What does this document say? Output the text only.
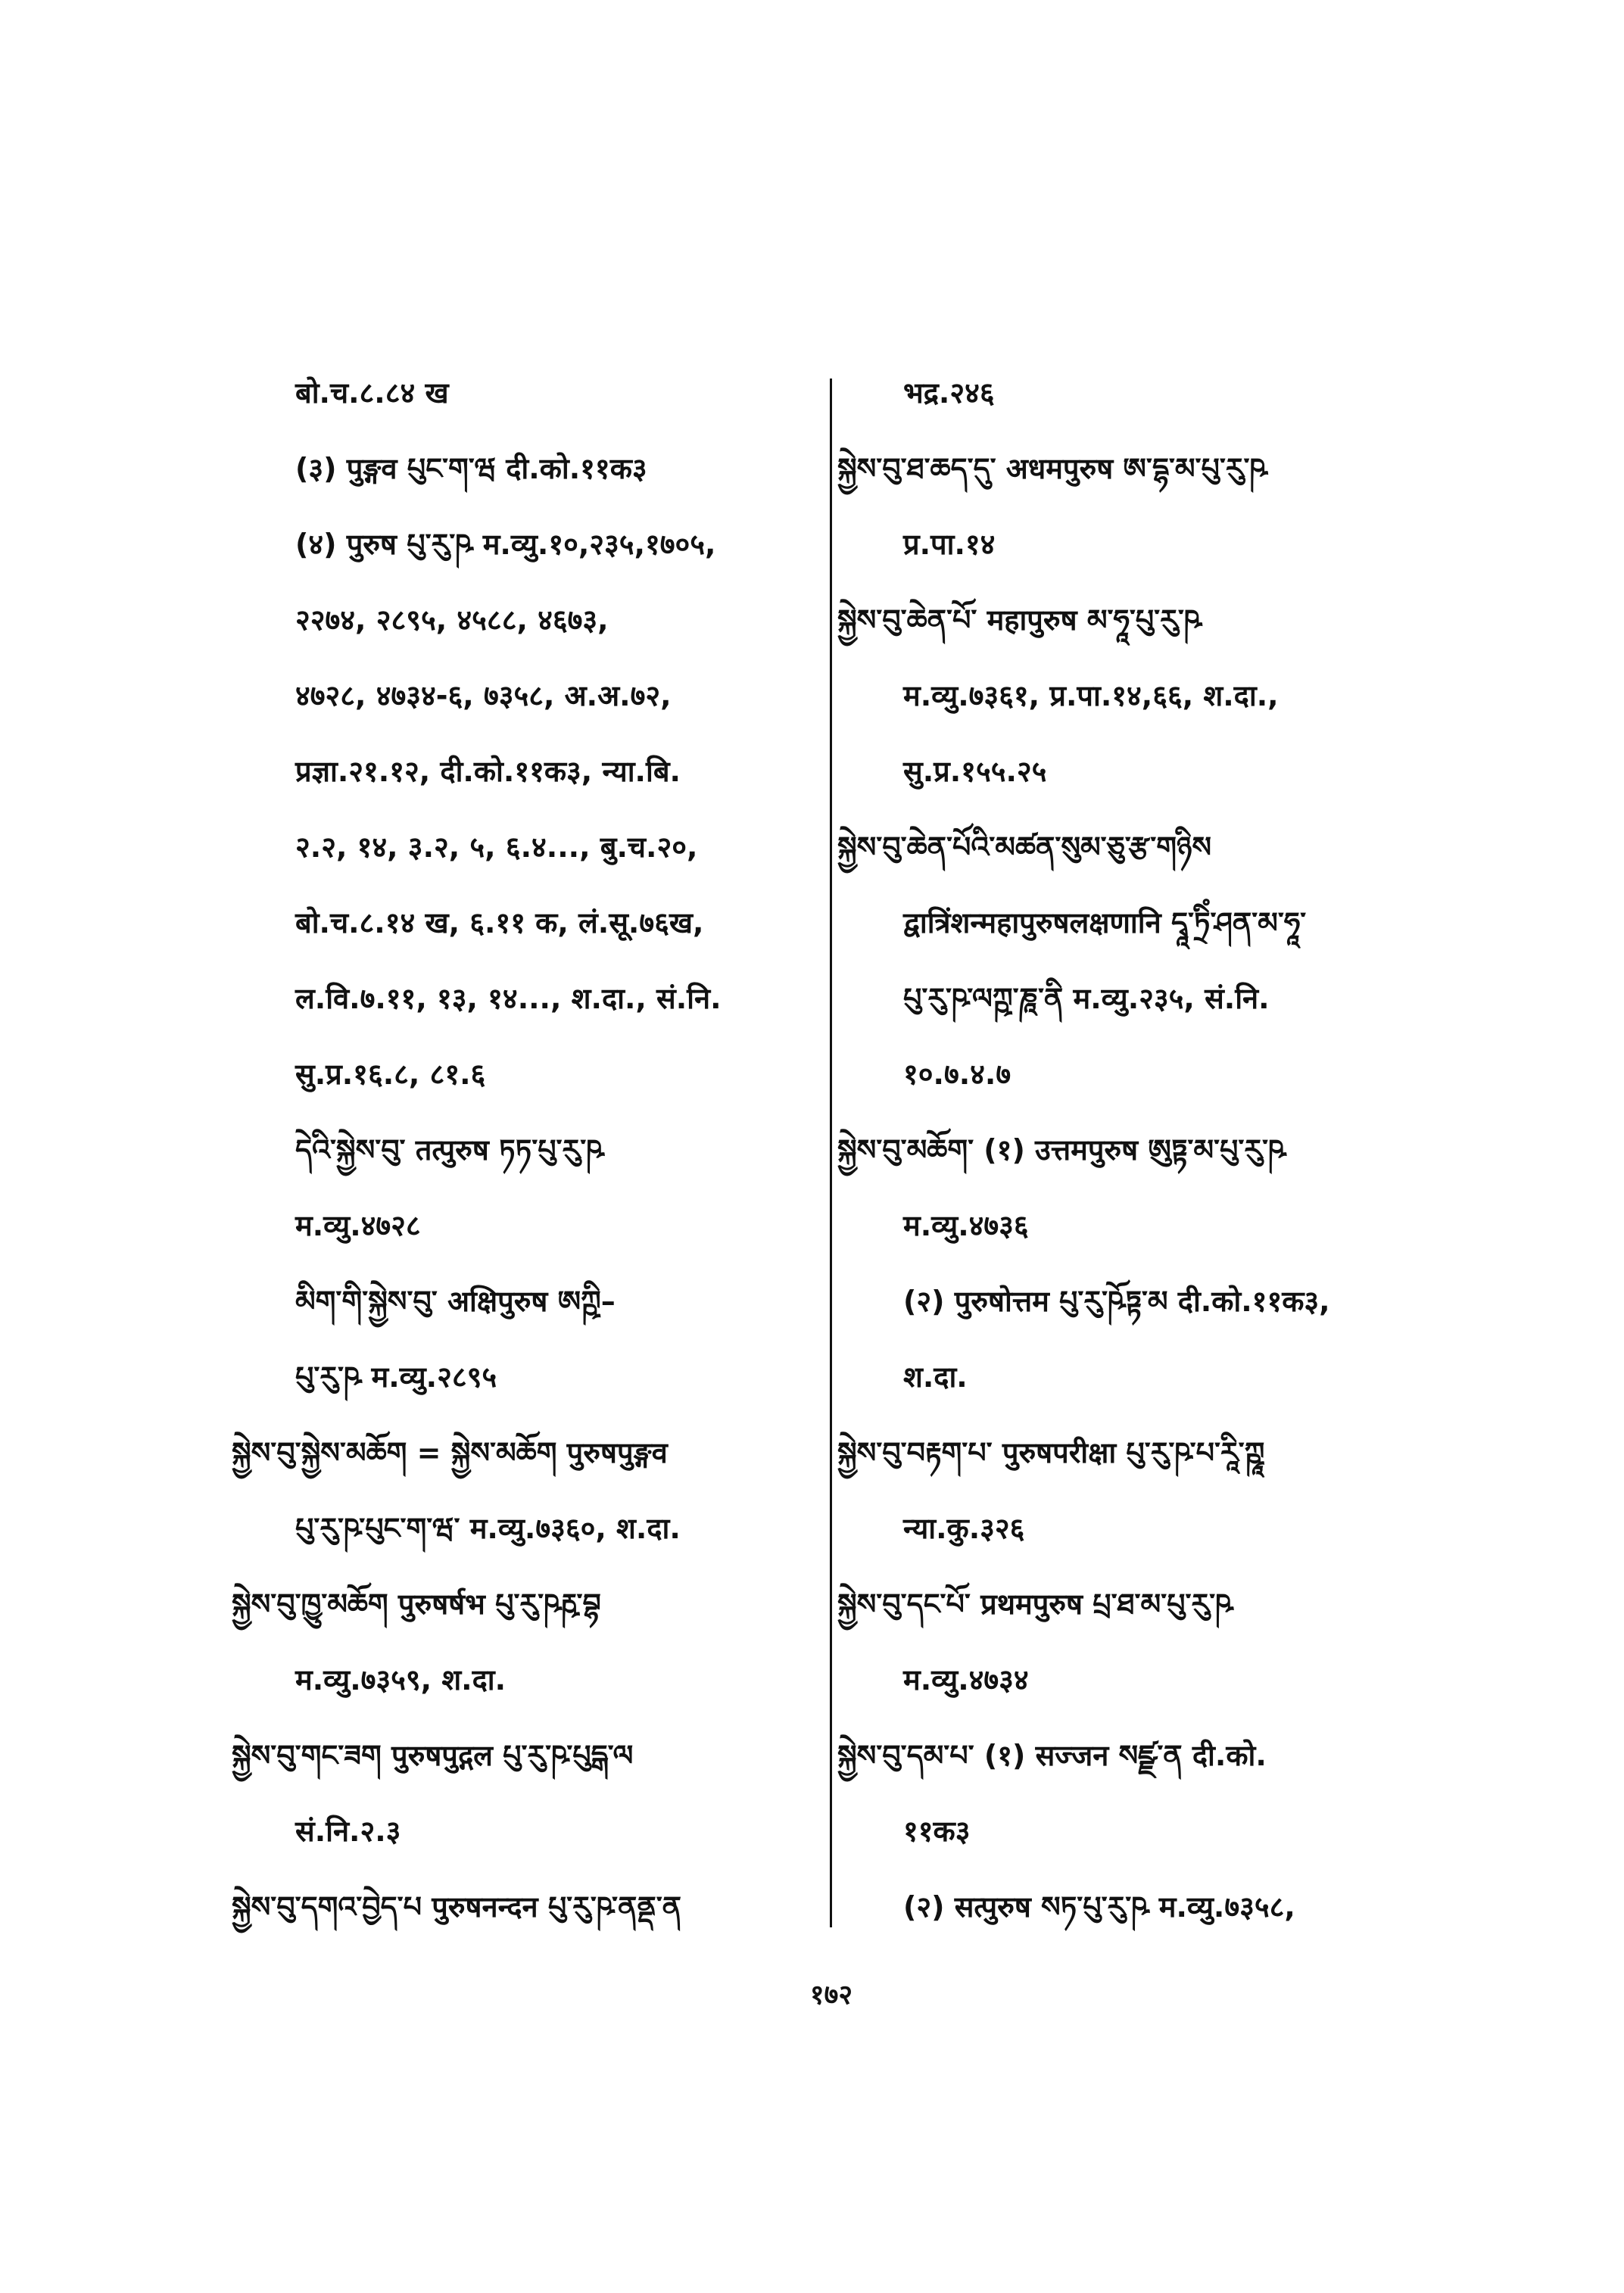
बो.च.८.८४ ख
(३) पुङ्गव པུང་ག་ཝ दी.को.११क३
(४) पुरुष པུ་རུ་ཥ म.व्यु.१०,२३५,१७०५,
२२७४, २८९५, ४५८८, ४६७३,
४७२८, ४७३४-६, ७३५८, अ.अ.७२,
प्रज्ञा.२१.१२, दी.को.११क३, न्या.बि.
२.२, १४, ३.२, ५, ६.४..., बु.च.२०,
बो.च.८.१४ ख, ६.११ क, लं.सू.७६ख,
ल.वि.७.११, १३, १४..., श.दा., सं.नि.
सु.प्र.१६.८, ८१.६
དེའི་སྐྱེས་བུ་ तत्पुरुष ཏཏ་པུ་རུ་ཥ
म.व्यु.४७२८
མིག་གི་སྐྱེས་བུ་ अक्षिपुरुष ཨཀྵི–
པུ་རུ་ཥ म.व्यु.२८९५
སྐྱེས་བུ་སྐྱེས་མཆོག = སྐྱེས་མཆོག पुरुषपुङ्गव
པུ་རུ་ཥ་པུང་ག་ཝ་ म.व्यु.७३६०, श.दा.
སྐྱེས་བུ་ཁྱུ་མཆོག पुरुषर्षभ པུ་རུ་ཥརྵ་བྷ
म.व्यु.७३५९, श.दा.
སྐྱེས་བུ་གང་ཟག पुरुषपुद्गल པུ་རུ་ཥ་པུདྒ་ལ
सं.नि.२.३
སྐྱེས་བུ་དགའ་བྱེད་པ पुरुषनन्दन པུ་རུ་ཥ་ནནྡ་ན
भद्र.२४६
སྐྱེས་བུ་ཐ་ཆད་དུ་ अधमपुरुष ཨ་དྷ་མ་པུ་རུ་ཥ
प्र.पा.१४
སྐྱེས་བུ་ཆེན་པོ་ महापुरुष མ་ཧཱ་པུ་རུ་ཥ
म.व्यु.७३६१, प्र.पा.१४,६६, श.दा.,
सु.प्र.१५५.२५
སྐྱེས་བུ་ཆེན་པོའི་མཚན་སུམ་ཅུ་རྩ་གཉིས
द्वात्रिंशन्महापुरुषलक्षणानि དྭཱ་ཏྲིཾ་ཤན་མ་ཧཱ་
པུ་རུ་ཥ་ལཀྵ་ཎཱ་ནི म.व्यु.२३५, सं.नि.
१०.७.४.७
སྐྱེས་བུ་མཆོག་ (१) उत्तमपुरुष ཨུཏྟ་མ་པུ་རུ་ཥ
म.व्यु.४७३६
(२) पुरुषोत्तम པུ་རུ་ཥོཏྟ་མ दी.को.११क३,
श.दा.
སྐྱེས་བུ་བརྟག་པ་ पुरुषपरीक्षा པུ་རུ་ཥ་པ་རཱི་ཀྵཱ
न्या.कु.३२६
སྐྱེས་བུ་དང་པོ་ प्रथमपुरुष པྲ་ཐ་མ་པུ་རུ་ཥ
म.व्यु.४७३४
སྐྱེས་བུ་དམ་པ་ (१) सज्जन སཛྫ་ན दी.को.
११क३
(२) सत्पुरुष སཏ་པུ་རུ་ཥ म.व्यु.७३५८,
१७२
